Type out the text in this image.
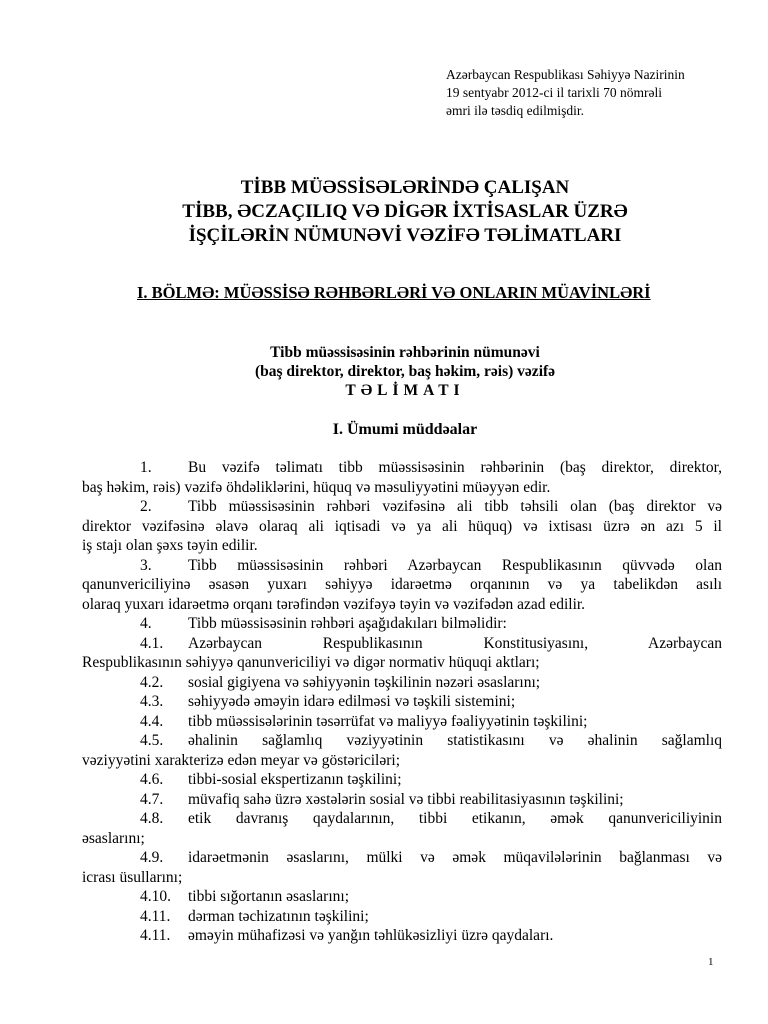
Azərbaycan Respublikası Səhiyyə Nazirinin
19 sentyabr 2012-ci il tarixli 70 nömrəli
əmri ilə təsdiq edilmişdir.
TİBB MÜƏSSİSƏLƏRİNDƏ ÇALIŞAN
TİBB, ƏCZAÇILIQ VƏ DİGƏR İXTİSASLAR ÜZRƏ
İŞÇİLƏRİN NÜMUNƏVİ VƏZİFƏ TƏLİMATLARI
I. BÖLMƏ: MÜƏSSİSƏ RƏHBƏRLƏRİ VƏ ONLARIN MÜAVİNLƏRİ
Tibb müəssisəsinin rəhbərinin nümunəvi
(baş direktor, direktor, baş həkim, rəis) vəzifə
TƏLİMATI
I. Ümumi müddəalar
1. Bu vəzifə təlimatı tibb müəssisəsinin rəhbərinin (baş direktor, direktor,
baş həkim, rəis) vəzifə öhdəliklərini, hüquq və məsuliyyətini müəyyən edir.
2. Tibb müəssisəsinin rəhbəri vəzifəsinə ali tibb təhsili olan (baş direktor və
direktor vəzifəsinə əlavə olaraq ali iqtisadi və ya ali hüquq) və ixtisası üzrə ən azı 5 il
iş stajı olan şəxs təyin edilir.
3. Tibb müəssisəsinin rəhbəri Azərbaycan Respublikasının qüvvədə olan
qanunvericiliyinə əsasən yuxarı səhiyyə idarəetmə orqanının və ya tabelikdən asılı
olaraq yuxarı idarəetmə orqanı tərəfindən vəzifəyə təyin və vəzifədən azad edilir.
4. Tibb müəssisəsinin rəhbəri aşağıdakıları bilməlidir:
4.1. Azərbaycan Respublikasının Konstitusiyasını, Azərbaycan
Respublikasının səhiyyə qanunvericiliyi və digər normativ hüquqi aktları;
4.2. sosial gigiyena və səhiyyənin təşkilinin nəzəri əsaslarını;
4.3. səhiyyədə əməyin idarə edilməsi və təşkili sistemini;
4.4. tibb müəssisələrinin təsərrüfat və maliyyə fəaliyyətinin təşkilini;
4.5. əhalinin sağlamlıq vəziyyətinin statistikasını və əhalinin sağlamlıq
vəziyyətini xarakterizə edən meyar və göstəriciləri;
4.6. tibbi-sosial ekspertizanın təşkilini;
4.7. müvafiq sahə üzrə xəstələrin sosial və tibbi reabilitasiyasının təşkilini;
4.8. etik davranış qaydalarının, tibbi etikanın, əmək qanunvericiliyinin
əsaslarını;
4.9. idarəetmənin əsaslarını, mülki və əmək müqavilələrinin bağlanması və
icrası üsullarını;
4.10. tibbi sığortanın əsaslarını;
4.11. dərman təchizatının təşkilini;
4.11. əməyin mühafizəsi və yanğın təhlükəsizliyi üzrə qaydaları.
1
